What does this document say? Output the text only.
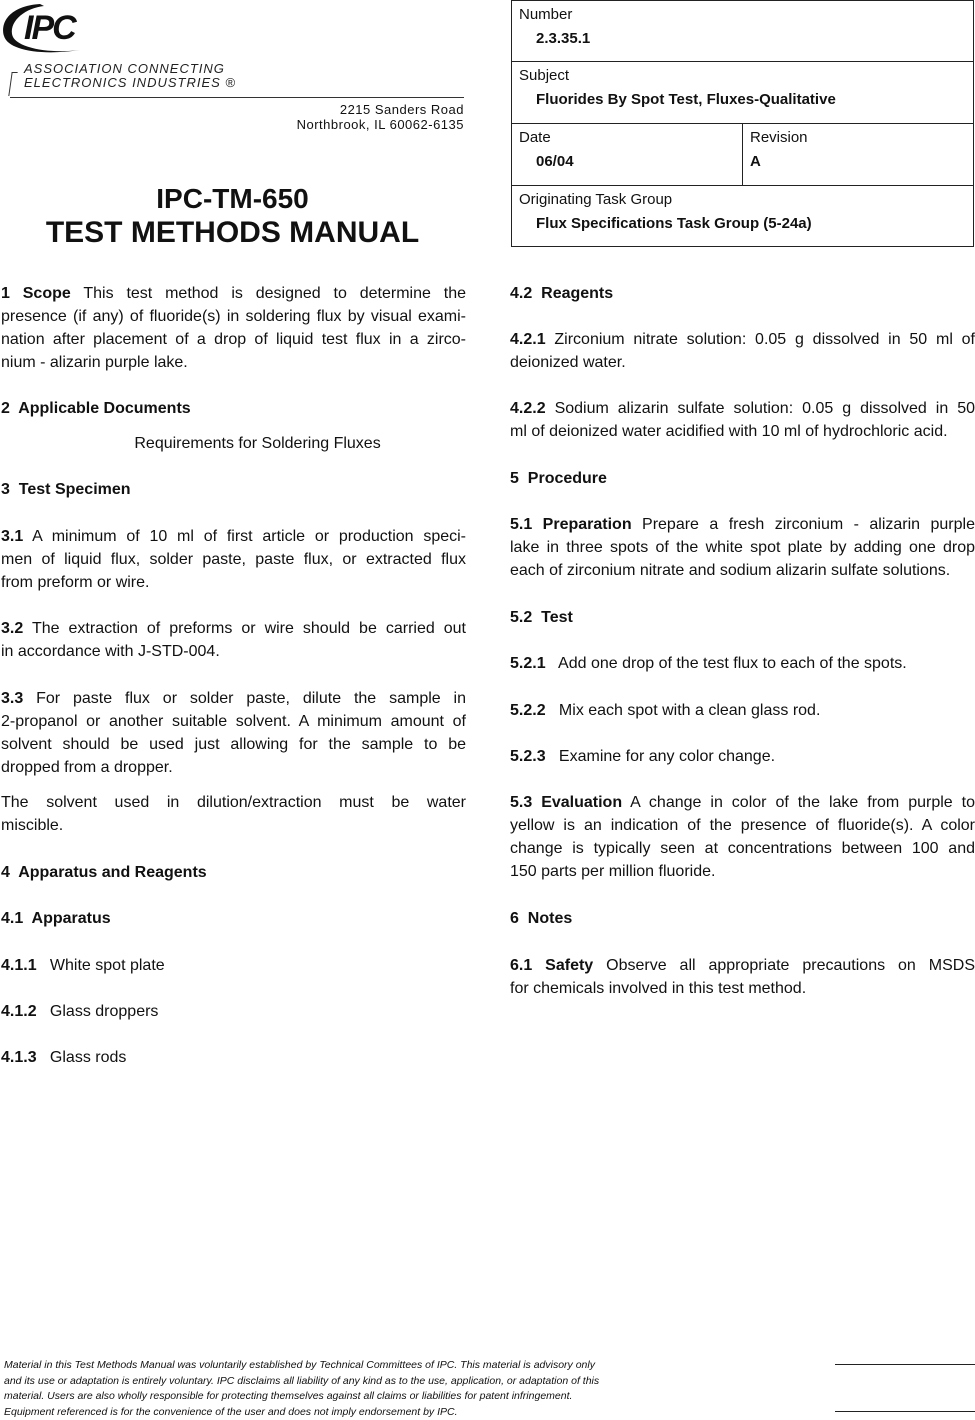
IPC
ASSOCIATION CONNECTING
ELECTRONICS INDUSTRIES ®
2215 Sanders Road
Northbrook, IL 60062-6135
IPC-TM-650
TEST METHODS MANUAL
Number
2.3.35.1
Subject
Fluorides By Spot Test, Fluxes-Qualitative
Date
06/04
Revision
A
Originating Task Group
Flux Specifications Task Group (5-24a)
1 Scope This test method is designed to determine the
presence (if any) of fluoride(s) in soldering flux by visual exami-
nation after placement of a drop of liquid test flux in a zirco-
nium - alizarin purple lake.
2  Applicable Documents
Requirements for Soldering Fluxes
3  Test Specimen
3.1 A minimum of 10 ml of first article or production speci-
men of liquid flux, solder paste, paste flux, or extracted flux
from preform or wire.
3.2 The extraction of preforms or wire should be carried out
in accordance with J-STD-004.
3.3 For paste flux or solder paste, dilute the sample in
2-propanol or another suitable solvent. A minimum amount of
solvent should be used just allowing for the sample to be
dropped from a dropper.
The solvent used in dilution/extraction must be water
miscible.
4  Apparatus and Reagents
4.1  Apparatus
4.1.1   White spot plate
4.1.2   Glass droppers
4.1.3   Glass rods
4.2  Reagents
4.2.1 Zirconium nitrate solution: 0.05 g dissolved in 50 ml of
deionized water.
4.2.2 Sodium alizarin sulfate solution: 0.05 g dissolved in 50
ml of deionized water acidified with 10 ml of hydrochloric acid.
5  Procedure
5.1 Preparation Prepare a fresh zirconium - alizarin purple
lake in three spots of the white spot plate by adding one drop
each of zirconium nitrate and sodium alizarin sulfate solutions.
5.2  Test
5.2.1   Add one drop of the test flux to each of the spots.
5.2.2   Mix each spot with a clean glass rod.
5.2.3   Examine for any color change.
5.3 Evaluation A change in color of the lake from purple to
yellow is an indication of the presence of fluoride(s). A color
change is typically seen at concentrations between 100 and
150 parts per million fluoride.
6  Notes
6.1 Safety Observe all appropriate precautions on MSDS
for chemicals involved in this test method.
Material in this Test Methods Manual was voluntarily established by Technical Committees of IPC. This material is advisory only
and its use or adaptation is entirely voluntary. IPC disclaims all liability of any kind as to the use, application, or adaptation of this
material. Users are also wholly responsible for protecting themselves against all claims or liabilities for patent infringement.
Equipment referenced is for the convenience of the user and does not imply endorsement by IPC.
